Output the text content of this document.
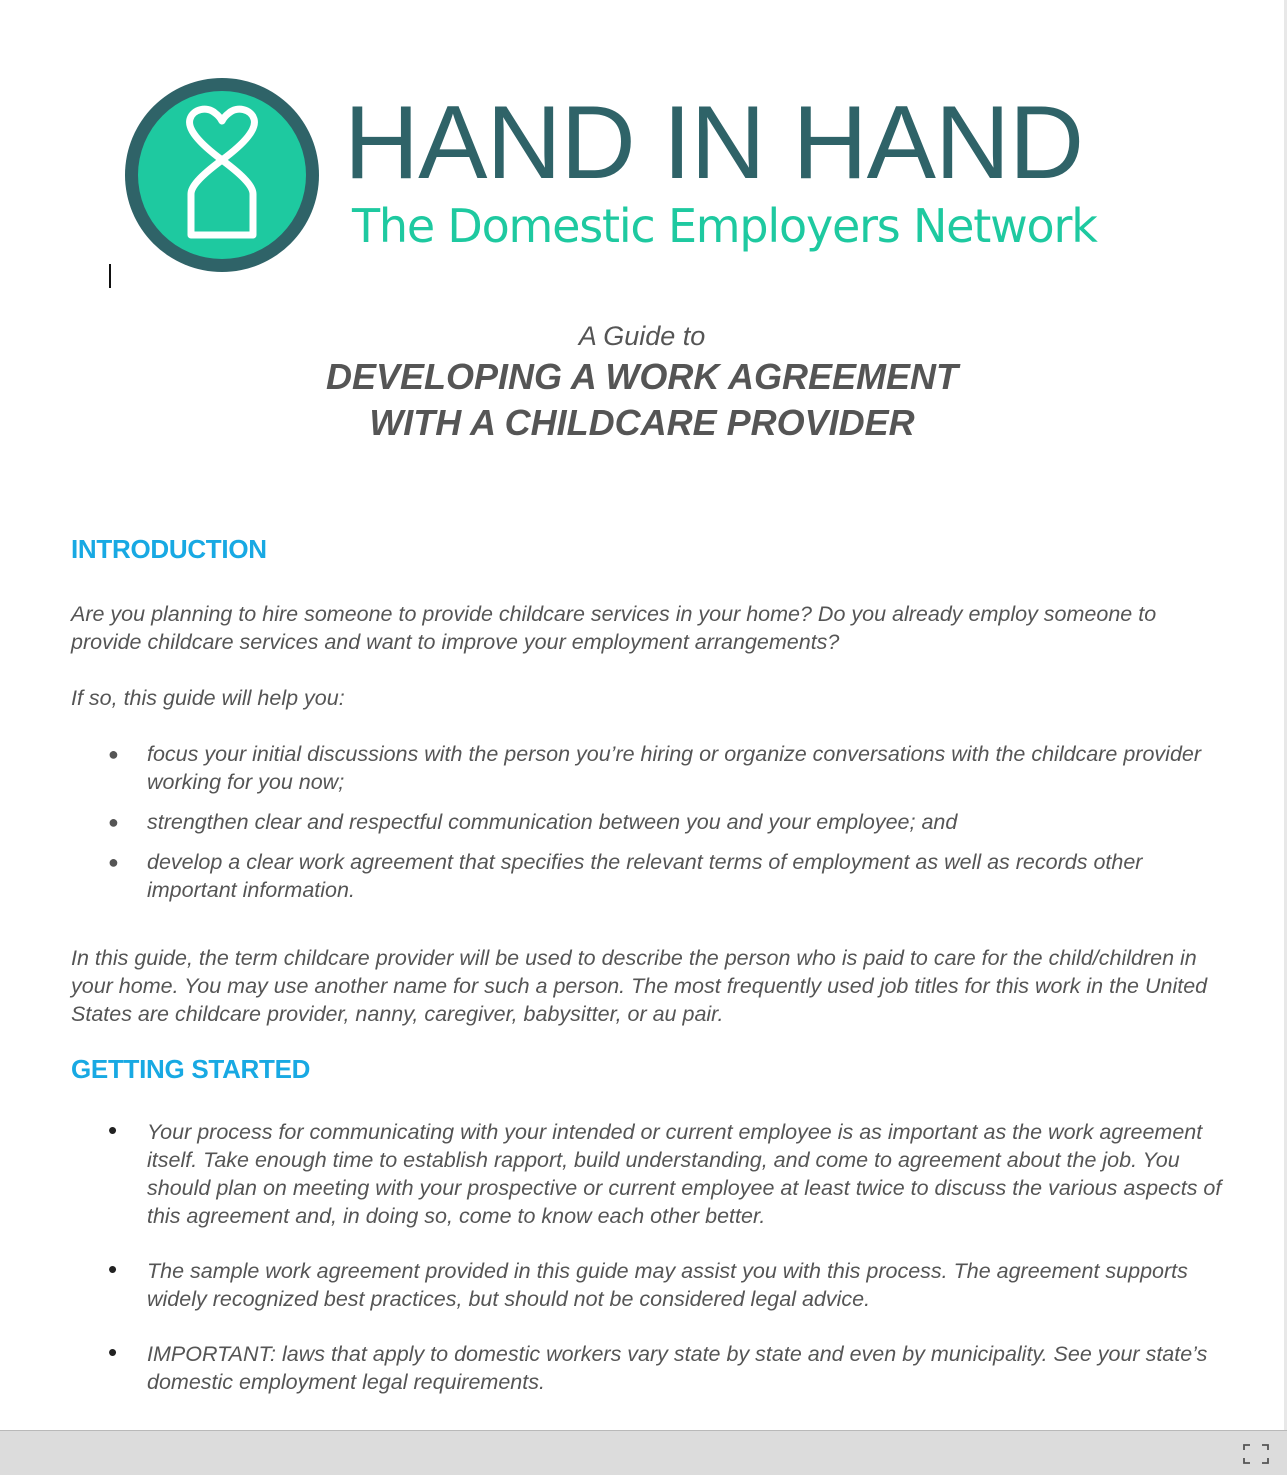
HAND IN HAND
The Domestic Employers Network
A Guide to
DEVELOPING A WORK AGREEMENT
WITH A CHILDCARE PROVIDER
INTRODUCTION

Are you planning to hire someone to provide childcare services in your home? Do you already employ someone to provide childcare services and want to improve your employment arrangements?

If so, this guide will help you:

● focus your initial discussions with the person you’re hiring or organize conversations with the childcare provider working for you now;
● strengthen clear and respectful communication between you and your employee; and
● develop a clear work agreement that specifies the relevant terms of employment as well as records other important information.

In this guide, the term childcare provider will be used to describe the person who is paid to care for the child/children in your home. You may use another name for such a person. The most frequently used job titles for this work in the United States are childcare provider, nanny, caregiver, babysitter, or au pair.

GETTING STARTED
• Your process for communicating with your intended or current employee is as important as the work agreement itself. Take enough time to establish rapport, build understanding, and come to agreement about the job. You should plan on meeting with your prospective or current employee at least twice to discuss the various aspects of this agreement and, in doing so, come to know each other better.
• The sample work agreement provided in this guide may assist you with this process. The agreement supports widely recognized best practices, but should not be considered legal advice.
• IMPORTANT: laws that apply to domestic workers vary state by state and even by municipality. See your state’s domestic employment legal requirements.
